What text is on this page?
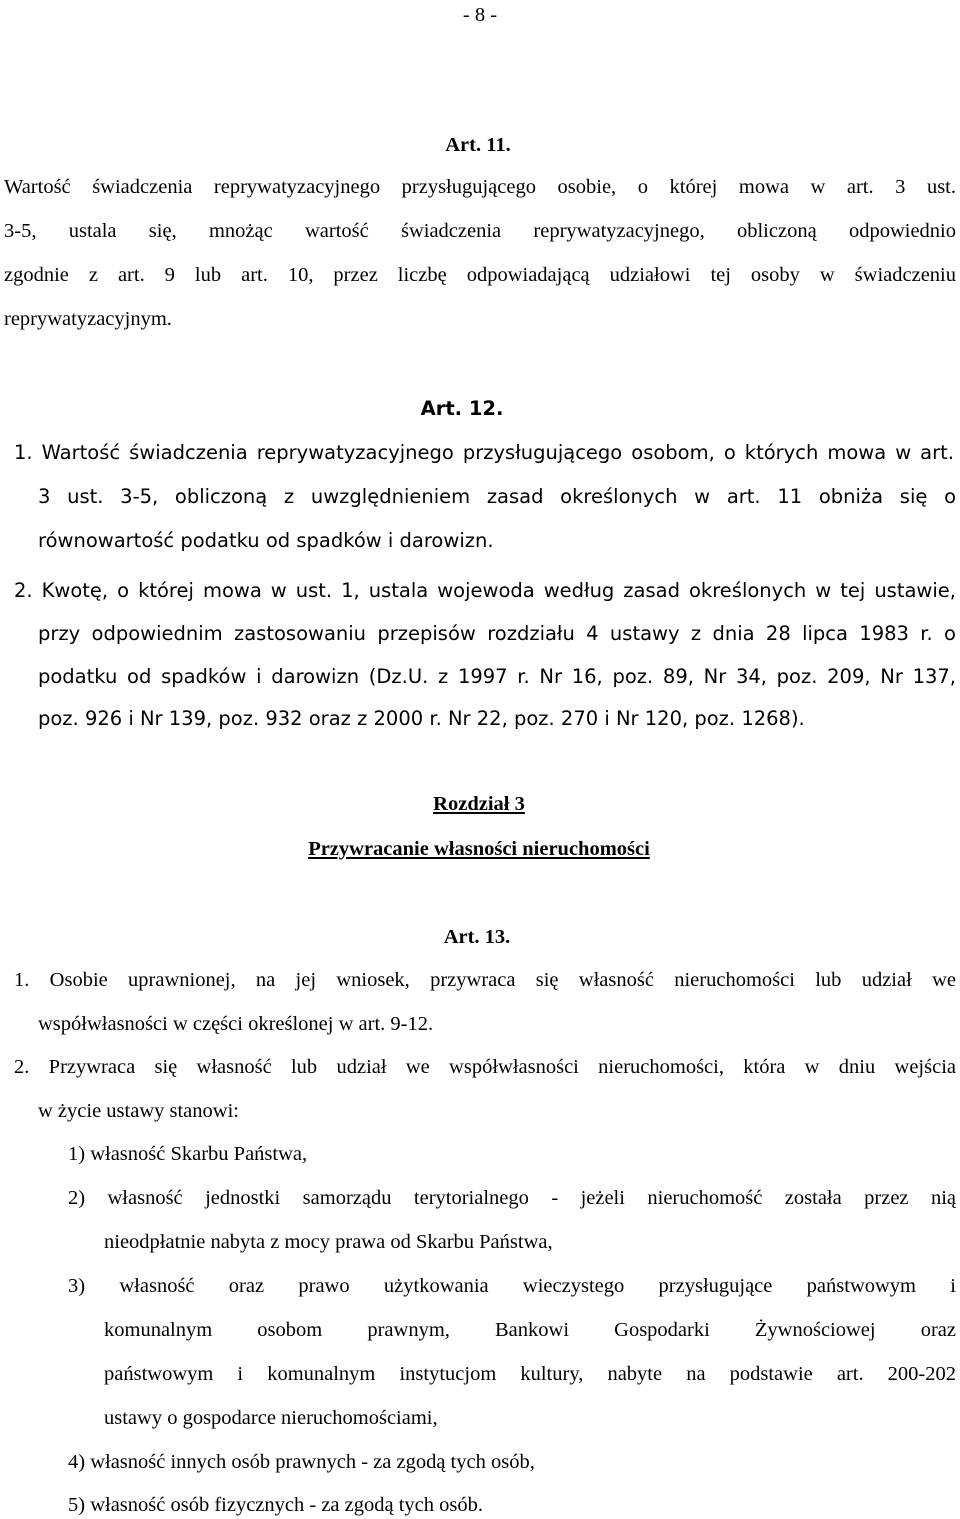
- 8 -
Art. 11.
Wartość świadczenia reprywatyzacyjnego przysługującego osobie, o której mowa w art. 3 ust.
3-5, ustala się, mnożąc wartość świadczenia reprywatyzacyjnego, obliczoną odpowiednio
zgodnie z art. 9 lub art. 10, przez liczbę odpowiadającą udziałowi tej osoby w świadczeniu
reprywatyzacyjnym.
Art. 12.
1. Wartość świadczenia reprywatyzacyjnego przysługującego osobom, o których mowa w art.
3 ust. 3-5, obliczoną z uwzględnieniem zasad określonych w art. 11 obniża się o
równowartość podatku od spadków i darowizn.
2. Kwotę, o której mowa w ust. 1, ustala wojewoda według zasad określonych w tej ustawie,
przy odpowiednim zastosowaniu przepisów rozdziału 4 ustawy z dnia 28 lipca 1983 r. o
podatku od spadków i darowizn (Dz.U. z 1997 r. Nr 16, poz. 89, Nr 34, poz. 209, Nr 137,
poz. 926 i Nr 139, poz. 932 oraz z 2000 r. Nr 22, poz. 270 i Nr 120, poz. 1268).
Rozdział 3
Przywracanie własności nieruchomości
Art. 13.
1. Osobie uprawnionej, na jej wniosek, przywraca się własność nieruchomości lub udział we
współwłasności w części określonej w art. 9-12.
2. Przywraca się własność lub udział we współwłasności nieruchomości, która w dniu wejścia
w życie ustawy stanowi:
1) własność Skarbu Państwa,
2) własność jednostki samorządu terytorialnego - jeżeli nieruchomość została przez nią
nieodpłatnie nabyta z mocy prawa od Skarbu Państwa,
3) własność oraz prawo użytkowania wieczystego przysługujące państwowym i
komunalnym osobom prawnym, Bankowi Gospodarki Żywnościowej oraz
państwowym i komunalnym instytucjom kultury, nabyte na podstawie art. 200-202
ustawy o gospodarce nieruchomościami,
4) własność innych osób prawnych - za zgodą tych osób,
5) własność osób fizycznych - za zgodą tych osób.
